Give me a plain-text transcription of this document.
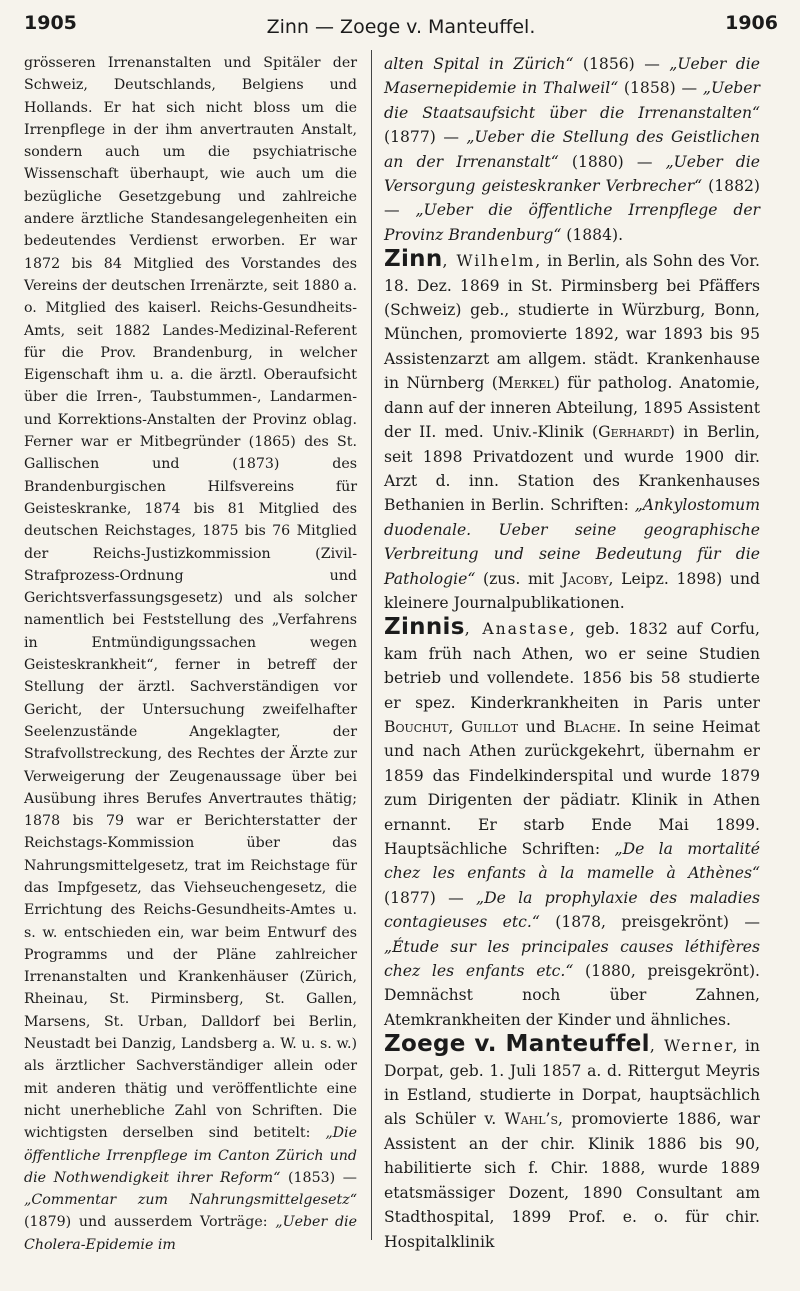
1905	Zinn — Zoege v. Manteuffel.	1906

grösseren Irrenanstalten und Spitäler der Schweiz, Deutschlands, Belgiens und Hollands. Er hat sich nicht bloss um die Irrenpflege in der ihm anvertrauten Anstalt, sondern auch um die psychiatrische Wissenschaft überhaupt, wie auch um die bezügliche Gesetzgebung und zahlreiche andere ärztliche Standesangelegenheiten ein bedeutendes Verdienst erworben. Er war 1872 bis 84 Mitglied des Vorstandes des Vereins der deutschen Irrenärzte, seit 1880 a. o. Mitglied des kaiserl. Reichs-Gesundheits-Amts, seit 1882 Landes-Medizinal-Referent für die Prov. Brandenburg, in welcher Eigenschaft ihm u. a. die ärztl. Oberaufsicht über die Irren-, Taubstummen-, Landarmen- und Korrektions-Anstalten der Provinz oblag. Ferner war er Mitbegründer (1865) des St. Gallischen und (1873) des Brandenburgischen Hilfsvereins für Geisteskranke, 1874 bis 81 Mitglied des deutschen Reichstages, 1875 bis 76 Mitglied der Reichs-Justizkommission (Zivil-Strafprozess-Ordnung und Gerichtsverfassungsgesetz) und als solcher namentlich bei Feststellung des „Verfahrens in Entmündigungssachen wegen Geisteskrankheit“, ferner in betreff der Stellung der ärztl. Sachverständigen vor Gericht, der Untersuchung zweifelhafter Seelenzustände Angeklagter, der Strafvollstreckung, des Rechtes der Ärzte zur Verweigerung der Zeugenaussage über bei Ausübung ihres Berufes Anvertrautes thätig; 1878 bis 79 war er Berichterstatter der Reichstags-Kommission über das Nahrungsmittelgesetz, trat im Reichstage für das Impfgesetz, das Viehseuchengesetz, die Errichtung des Reichs-Gesundheits-Amtes u. s. w. entschieden ein, war beim Entwurf des Programms und der Pläne zahlreicher Irrenanstalten und Krankenhäuser (Zürich, Rheinau, St. Pirminsberg, St. Gallen, Marsens, St. Urban, Dalldorf bei Berlin, Neustadt bei Danzig, Landsberg a. W. u. s. w.) als ärztlicher Sachverständiger allein oder mit anderen thätig und veröffentlichte eine nicht unerhebliche Zahl von Schriften. Die wichtigsten derselben sind betitelt: „Die öffentliche Irrenpflege im Canton Zürich und die Nothwendigkeit ihrer Reform“ (1853) — „Commentar zum Nahrungsmittelgesetz“ (1879) und ausserdem Vorträge: „Ueber die Cholera-Epidemie im

alten Spital in Zürich“ (1856) — „Ueber die Masernepidemie in Thalweil“ (1858) — „Ueber die Staatsaufsicht über die Irrenanstalten“ (1877) — „Ueber die Stellung des Geistlichen an der Irrenanstalt“ (1880) — „Ueber die Versorgung geisteskranker Verbrecher“ (1882) — „Ueber die öffentliche Irrenpflege der Provinz Brandenburg“ (1884).

Zinn, Wilhelm, in Berlin, als Sohn des Vor. 18. Dez. 1869 in St. Pirminsberg bei Pfäffers (Schweiz) geb., studierte in Würzburg, Bonn, München, promovierte 1892, war 1893 bis 95 Assistenzarzt am allgem. städt. Krankenhause in Nürnberg (Merkel) für patholog. Anatomie, dann auf der inneren Abteilung, 1895 Assistent der II. med. Univ.-Klinik (Gerhardt) in Berlin, seit 1898 Privatdozent und wurde 1900 dir. Arzt d. inn. Station des Krankenhauses Bethanien in Berlin. Schriften: „Ankylostomum duodenale. Ueber seine geographische Verbreitung und seine Bedeutung für die Pathologie“ (zus. mit Jacoby, Leipz. 1898) und kleinere Journalpublikationen.

Zinnis, Anastase, geb. 1832 auf Corfu, kam früh nach Athen, wo er seine Studien betrieb und vollendete. 1856 bis 58 studierte er spez. Kinderkrankheiten in Paris unter Bouchut, Guillot und Blache. In seine Heimat und nach Athen zurückgekehrt, übernahm er 1859 das Findelkinderspital und wurde 1879 zum Dirigenten der pädiatr. Klinik in Athen ernannt. Er starb Ende Mai 1899. Hauptsächliche Schriften: „De la mortalité chez les enfants à la mamelle à Athènes“ (1877) — „De la prophylaxie des maladies contagieuses etc.“ (1878, preisgekrönt) — „Étude sur les principales causes léthifères chez les enfants etc.“ (1880, preisgekrönt). Demnächst noch über Zahnen, Atemkrankheiten der Kinder und ähnliches.

Zoege v. Manteuffel, Werner, in Dorpat, geb. 1. Juli 1857 a. d. Rittergut Meyris in Estland, studierte in Dorpat, hauptsächlich als Schüler v. Wahl’s, promovierte 1886, war Assistent an der chir. Klinik 1886 bis 90, habilitierte sich f. Chir. 1888, wurde 1889 etatsmässiger Dozent, 1890 Consultant am Stadthospital, 1899 Prof. e. o. für chir. Hospitalklinik
